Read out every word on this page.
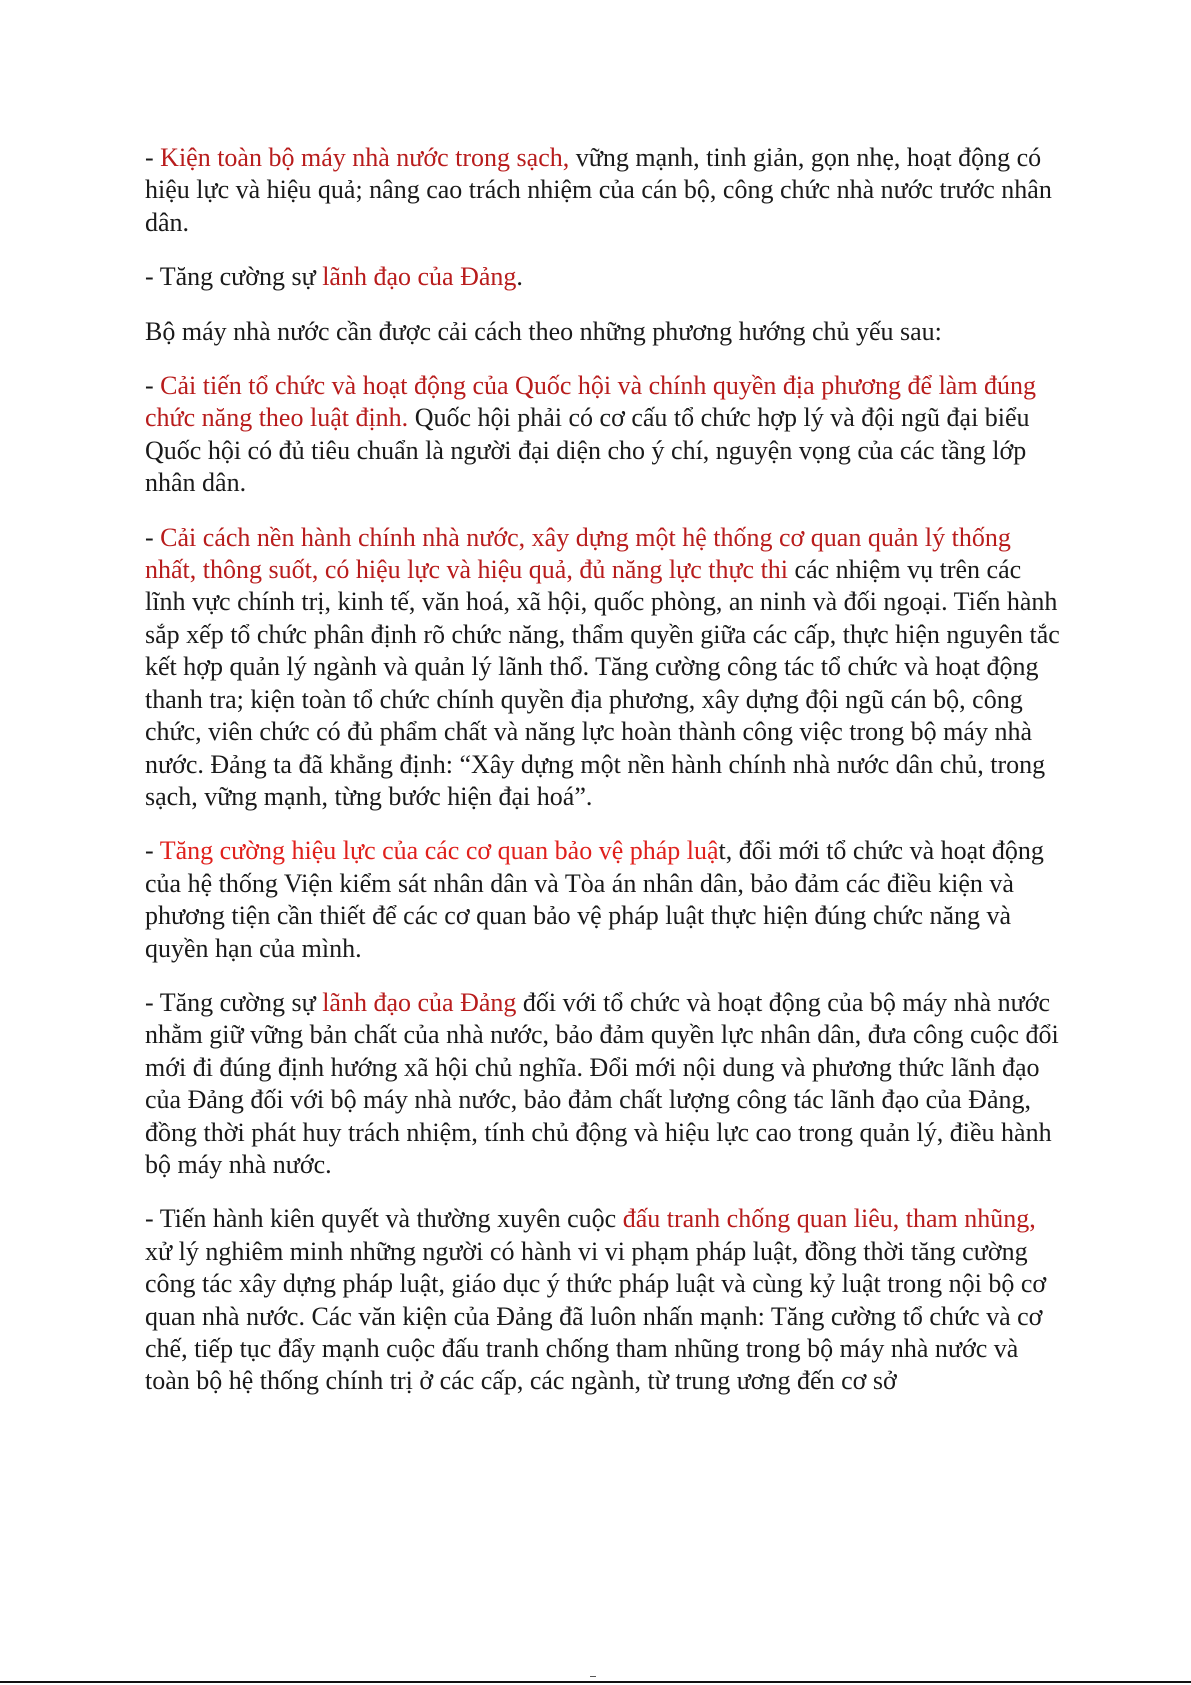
- Kiện toàn bộ máy nhà nước trong sạch, vững mạnh, tinh giản, gọn nhẹ, hoạt động có hiệu lực và hiệu quả; nâng cao trách nhiệm của cán bộ, công chức nhà nước trước nhân dân.

- Tăng cường sự lãnh đạo của Đảng.

Bộ máy nhà nước cần được cải cách theo những phương hướng chủ yếu sau:

- Cải tiến tổ chức và hoạt động của Quốc hội và chính quyền địa phương để làm đúng chức năng theo luật định. Quốc hội phải có cơ cấu tổ chức hợp lý và đội ngũ đại biểu Quốc hội có đủ tiêu chuẩn là người đại diện cho ý chí, nguyện vọng của các tầng lớp nhân dân.

- Cải cách nền hành chính nhà nước, xây dựng một hệ thống cơ quan quản lý thống nhất, thông suốt, có hiệu lực và hiệu quả, đủ năng lực thực thi các nhiệm vụ trên các lĩnh vực chính trị, kinh tế, văn hoá, xã hội, quốc phòng, an ninh và đối ngoại. Tiến hành sắp xếp tổ chức phân định rõ chức năng, thẩm quyền giữa các cấp, thực hiện nguyên tắc kết hợp quản lý ngành và quản lý lãnh thổ. Tăng cường công tác tổ chức và hoạt động thanh tra; kiện toàn tổ chức chính quyền địa phương, xây dựng đội ngũ cán bộ, công chức, viên chức có đủ phẩm chất và năng lực hoàn thành công việc trong bộ máy nhà nước. Đảng ta đã khẳng định: “Xây dựng một nền hành chính nhà nước dân chủ, trong sạch, vững mạnh, từng bước hiện đại hoá”.

- Tăng cường hiệu lực của các cơ quan bảo vệ pháp luật, đổi mới tổ chức và hoạt động của hệ thống Viện kiểm sát nhân dân và Tòa án nhân dân, bảo đảm các điều kiện và phương tiện cần thiết để các cơ quan bảo vệ pháp luật thực hiện đúng chức năng và quyền hạn của mình.

- Tăng cường sự lãnh đạo của Đảng đối với tổ chức và hoạt động của bộ máy nhà nước nhằm giữ vững bản chất của nhà nước, bảo đảm quyền lực nhân dân, đưa công cuộc đổi mới đi đúng định hướng xã hội chủ nghĩa. Đổi mới nội dung và phương thức lãnh đạo của Đảng đối với bộ máy nhà nước, bảo đảm chất lượng công tác lãnh đạo của Đảng, đồng thời phát huy trách nhiệm, tính chủ động và hiệu lực cao trong quản lý, điều hành bộ máy nhà nước.

- Tiến hành kiên quyết và thường xuyên cuộc đấu tranh chống quan liêu, tham nhũng, xử lý nghiêm minh những người có hành vi vi phạm pháp luật, đồng thời tăng cường công tác xây dựng pháp luật, giáo dục ý thức pháp luật và cùng kỷ luật trong nội bộ cơ quan nhà nước. Các văn kiện của Đảng đã luôn nhấn mạnh: Tăng cường tổ chức và cơ chế, tiếp tục đẩy mạnh cuộc đấu tranh chống tham nhũng trong bộ máy nhà nước và toàn bộ hệ thống chính trị ở các cấp, các ngành, từ trung ương đến cơ sở
